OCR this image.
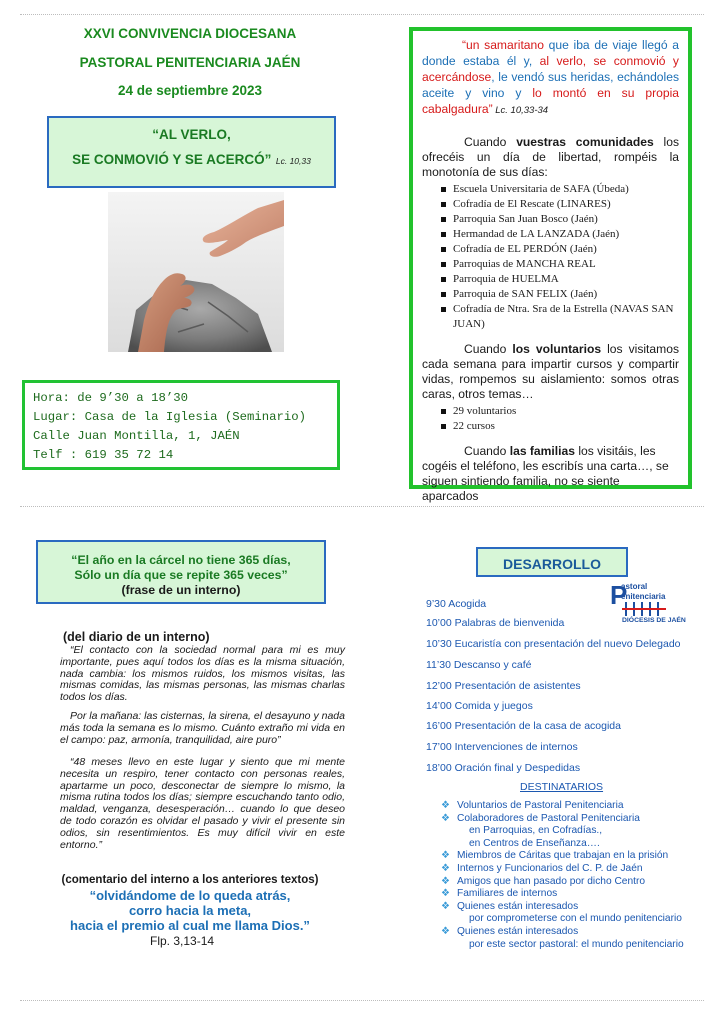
XXVI CONVIVENCIA DIOCESANA
PASTORAL PENITENCIARIA JAÉN
24 de septiembre 2023
“AL VERLO,
SE CONMOVIÓ Y SE ACERCÓ” Lc. 10,33
Hora: de 9’30 a 18’30
Lugar: Casa de la Iglesia (Seminario)
Calle Juan Montilla, 1, JAÉN
Telf : 619 35 72 14
“un samaritano que iba de viaje llegó a donde estaba él y, al verlo, se conmovió y acercándose, le vendó sus heridas, echándoles aceite y vino y lo montó en su propia cabalgadura” Lc. 10,33-34
Cuando vuestras comunidades los ofrecéis un día de libertad, rompéis la monotonía de sus días:
Escuela Universitaria de SAFA (Úbeda)
Cofradía de El Rescate (LINARES)
Parroquia San Juan Bosco (Jaén)
Hermandad de LA LANZADA (Jaén)
Cofradía de EL PERDÓN (Jaén)
Parroquias de MANCHA REAL
Parroquia de HUELMA
Parroquia de SAN FELIX (Jaén)
Cofradía de Ntra. Sra de la Estrella (NAVAS SAN JUAN)
Cuando los voluntarios los visitamos cada semana para impartir cursos y compartir vidas, rompemos su aislamiento: somos otras caras, otros temas…
29 voluntarios
22 cursos
Cuando las familias los visitáis, les cogéis el teléfono, les escribís una carta…, se siguen sintiendo familia, no se siente aparcados
“El año en la cárcel no tiene 365 días,
Sólo un día que se repite 365 veces”
(frase de un interno)
(del diario de un interno)
“El contacto con la sociedad normal para mi es muy importante, pues aquí todos los días es la misma situación, nada cambia: los mismos ruidos, los mismos visitas, las mismas comidas, las mismas personas, las mismas charlas todos los días.
Por la mañana: las cisternas, la sirena, el desayuno y nada más toda la semana es lo mismo. Cuánto extraño mi vida en el campo: paz, armonía, tranquilidad, aire puro”
“48 meses llevo en este lugar y siento que mi mente necesita un respiro, tener contacto con personas reales, apartarme un poco, desconectar de siempre lo mismo, la misma rutina todos los días; siempre escuchando tanto odio, maldad, venganza, desesperación… cuando lo que deseo de todo corazón es olvidar el pasado y vivir el presente sin odios, sin resentimientos. Es muy difícil vivir en este entorno.”
(comentario del interno a los anteriores textos)
“olvidándome de lo queda atrás,
corro hacia la meta,
hacia el premio al cual me llama Dios.”
Flp. 3,13-14
DESARROLLO
P
astoral
enitenciaria
DIÓCESIS DE JAÉN
9’30 Acogida
10’00 Palabras de bienvenida
10’30 Eucaristía con presentación del nuevo Delegado
11’30 Descanso y café
12’00 Presentación de asistentes
14’00 Comida y juegos
16’00 Presentación de la casa de acogida
17’00 Intervenciones de internos
18’00 Oración final y Despedidas
DESTINATARIOS
❖ Voluntarios de Pastoral Penitenciaria
❖ Colaboradores de Pastoral Penitenciaria
en Parroquias, en Cofradías.,
en Centros de Enseñanza….
❖ Miembros de Cáritas que trabajan en la prisión
❖ Internos y Funcionarios del C. P. de Jaén
❖ Amigos que han pasado por dicho Centro
❖ Familiares de internos
❖ Quienes están interesados
por comprometerse con el mundo penitenciario
❖ Quienes están interesados
por este sector pastoral: el mundo penitenciario
